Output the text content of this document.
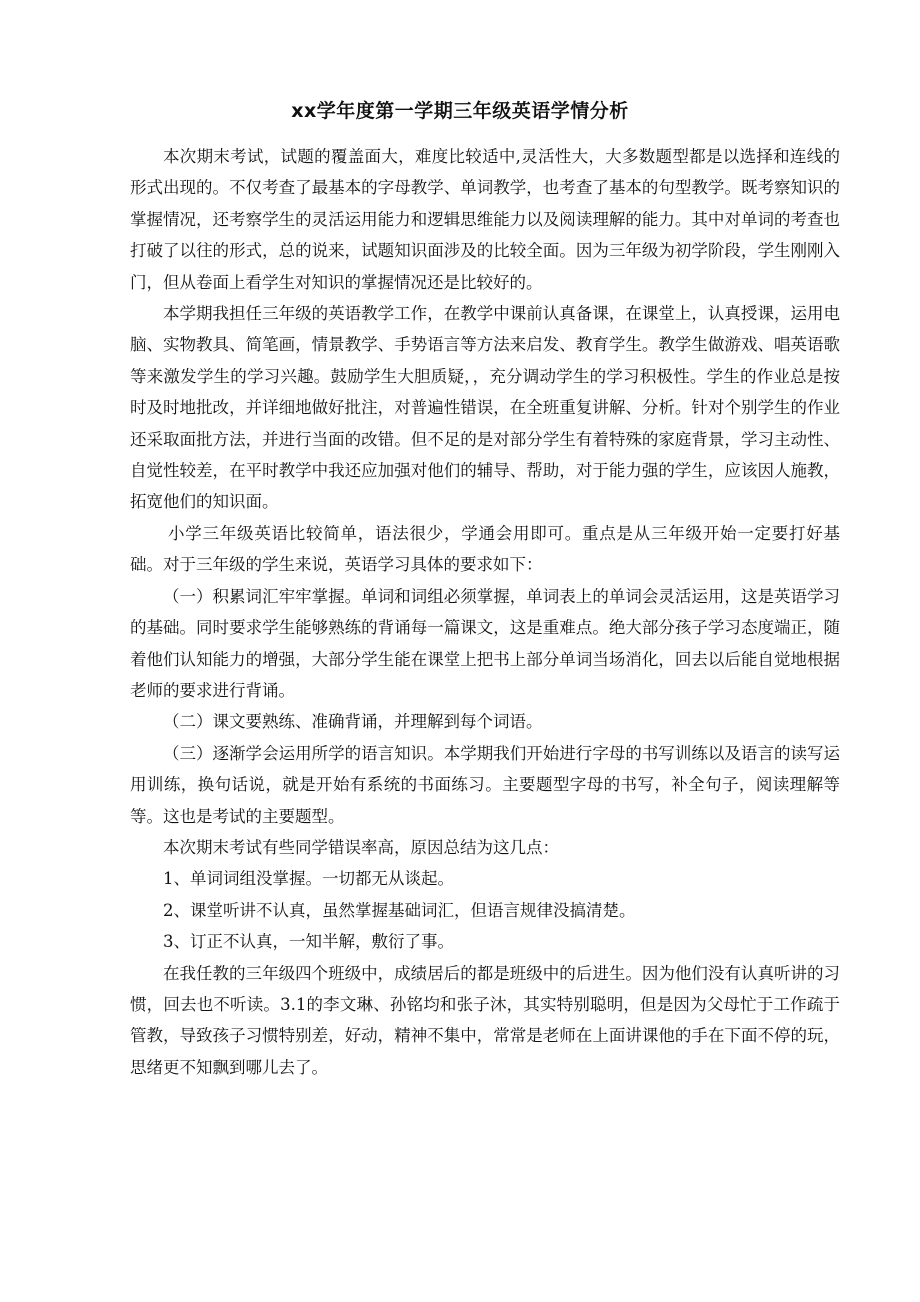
xx学年度第一学期三年级英语学情分析

本次期末考试，试题的覆盖面大，难度比较适中,灵活性大，大多数题型都是以选择和连线的形式出现的。不仅考查了最基本的字母教学、单词教学，也考查了基本的句型教学。既考察知识的掌握情况，还考察学生的灵活运用能力和逻辑思维能力以及阅读理解的能力。其中对单词的考查也打破了以往的形式，总的说来，试题知识面涉及的比较全面。因为三年级为初学阶段，学生刚刚入门，但从卷面上看学生对知识的掌握情况还是比较好的。

本学期我担任三年级的英语教学工作，在教学中课前认真备课，在课堂上，认真授课，运用电脑、实物教具、简笔画，情景教学、手势语言等方法来启发、教育学生。教学生做游戏、唱英语歌等来激发学生的学习兴趣。鼓励学生大胆质疑，，充分调动学生的学习积极性。学生的作业总是按时及时地批改，并详细地做好批注，对普遍性错误，在全班重复讲解、分析。针对个别学生的作业还采取面批方法，并进行当面的改错。但不足的是对部分学生有着特殊的家庭背景，学习主动性、自觉性较差，在平时教学中我还应加强对他们的辅导、帮助，对于能力强的学生，应该因人施教，拓宽他们的知识面。

小学三年级英语比较简单，语法很少，学通会用即可。重点是从三年级开始一定要打好基础。对于三年级的学生来说，英语学习具体的要求如下：

（一）积累词汇牢牢掌握。单词和词组必须掌握，单词表上的单词会灵活运用，这是英语学习的基础。同时要求学生能够熟练的背诵每一篇课文，这是重难点。绝大部分孩子学习态度端正，随着他们认知能力的增强，大部分学生能在课堂上把书上部分单词当场消化，回去以后能自觉地根据老师的要求进行背诵。

（二）课文要熟练、准确背诵，并理解到每个词语。

（三）逐渐学会运用所学的语言知识。本学期我们开始进行字母的书写训练以及语言的读写运用训练，换句话说，就是开始有系统的书面练习。主要题型字母的书写，补全句子，阅读理解等等。这也是考试的主要题型。

本次期末考试有些同学错误率高，原因总结为这几点：

1、单词词组没掌握。一切都无从谈起。

2、课堂听讲不认真，虽然掌握基础词汇，但语言规律没搞清楚。

3、订正不认真，一知半解，敷衍了事。

在我任教的三年级四个班级中，成绩居后的都是班级中的后进生。因为他们没有认真听讲的习惯，回去也不听读。3.1的李文琳、孙铭均和张子沐，其实特别聪明，但是因为父母忙于工作疏于管教，导致孩子习惯特别差，好动，精神不集中，常常是老师在上面讲课他的手在下面不停的玩，思绪更不知飘到哪儿去了。
